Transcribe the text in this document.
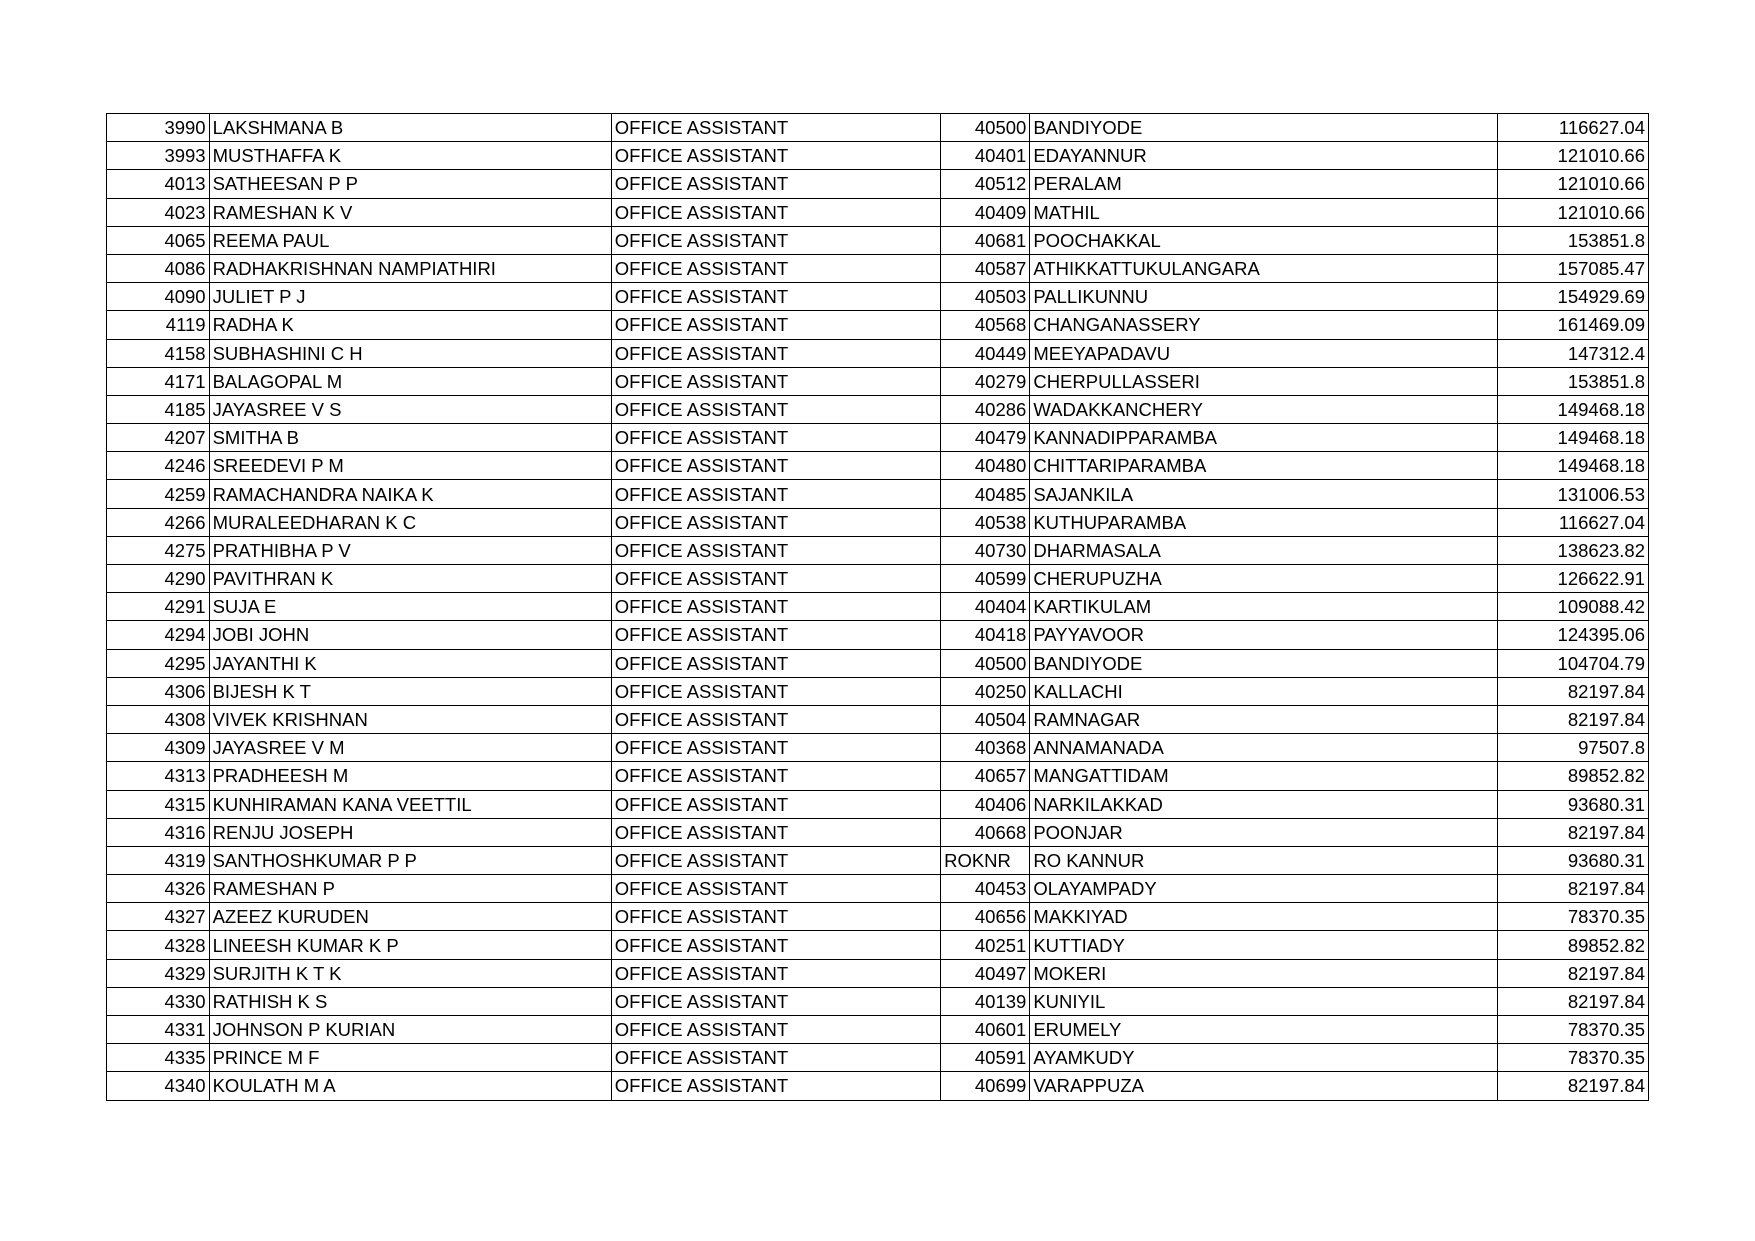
3990	LAKSHMANA B	OFFICE ASSISTANT	40500	BANDIYODE	116627.04
3993	MUSTHAFFA K	OFFICE ASSISTANT	40401	EDAYANNUR	121010.66
4013	SATHEESAN P P	OFFICE ASSISTANT	40512	PERALAM	121010.66
4023	RAMESHAN K V	OFFICE ASSISTANT	40409	MATHIL	121010.66
4065	REEMA PAUL	OFFICE ASSISTANT	40681	POOCHAKKAL	153851.8
4086	RADHAKRISHNAN NAMPIATHIRI	OFFICE ASSISTANT	40587	ATHIKKATTUKULANGARA	157085.47
4090	JULIET P J	OFFICE ASSISTANT	40503	PALLIKUNNU	154929.69
4119	RADHA K	OFFICE ASSISTANT	40568	CHANGANASSERY	161469.09
4158	SUBHASHINI C H	OFFICE ASSISTANT	40449	MEEYAPADAVU	147312.4
4171	BALAGOPAL M	OFFICE ASSISTANT	40279	CHERPULLASSERI	153851.8
4185	JAYASREE V S	OFFICE ASSISTANT	40286	WADAKKANCHERY	149468.18
4207	SMITHA B	OFFICE ASSISTANT	40479	KANNADIPPARAMBA	149468.18
4246	SREEDEVI P M	OFFICE ASSISTANT	40480	CHITTARIPARAMBA	149468.18
4259	RAMACHANDRA NAIKA K	OFFICE ASSISTANT	40485	SAJANKILA	131006.53
4266	MURALEEDHARAN K C	OFFICE ASSISTANT	40538	KUTHUPARAMBA	116627.04
4275	PRATHIBHA P V	OFFICE ASSISTANT	40730	DHARMASALA	138623.82
4290	PAVITHRAN K	OFFICE ASSISTANT	40599	CHERUPUZHA	126622.91
4291	SUJA E	OFFICE ASSISTANT	40404	KARTIKULAM	109088.42
4294	JOBI JOHN	OFFICE ASSISTANT	40418	PAYYAVOOR	124395.06
4295	JAYANTHI K	OFFICE ASSISTANT	40500	BANDIYODE	104704.79
4306	BIJESH K T	OFFICE ASSISTANT	40250	KALLACHI	82197.84
4308	VIVEK KRISHNAN	OFFICE ASSISTANT	40504	RAMNAGAR	82197.84
4309	JAYASREE V M	OFFICE ASSISTANT	40368	ANNAMANADA	97507.8
4313	PRADHEESH M	OFFICE ASSISTANT	40657	MANGATTIDAM	89852.82
4315	KUNHIRAMAN KANA VEETTIL	OFFICE ASSISTANT	40406	NARKILAKKAD	93680.31
4316	RENJU JOSEPH	OFFICE ASSISTANT	40668	POONJAR	82197.84
4319	SANTHOSHKUMAR P P	OFFICE ASSISTANT	ROKNR	RO KANNUR	93680.31
4326	RAMESHAN P	OFFICE ASSISTANT	40453	OLAYAMPADY	82197.84
4327	AZEEZ KURUDEN	OFFICE ASSISTANT	40656	MAKKIYAD	78370.35
4328	LINEESH KUMAR K P	OFFICE ASSISTANT	40251	KUTTIADY	89852.82
4329	SURJITH K T K	OFFICE ASSISTANT	40497	MOKERI	82197.84
4330	RATHISH K S	OFFICE ASSISTANT	40139	KUNIYIL	82197.84
4331	JOHNSON P KURIAN	OFFICE ASSISTANT	40601	ERUMELY	78370.35
4335	PRINCE M F	OFFICE ASSISTANT	40591	AYAMKUDY	78370.35
4340	KOULATH M A	OFFICE ASSISTANT	40699	VARAPPUZA	82197.84
